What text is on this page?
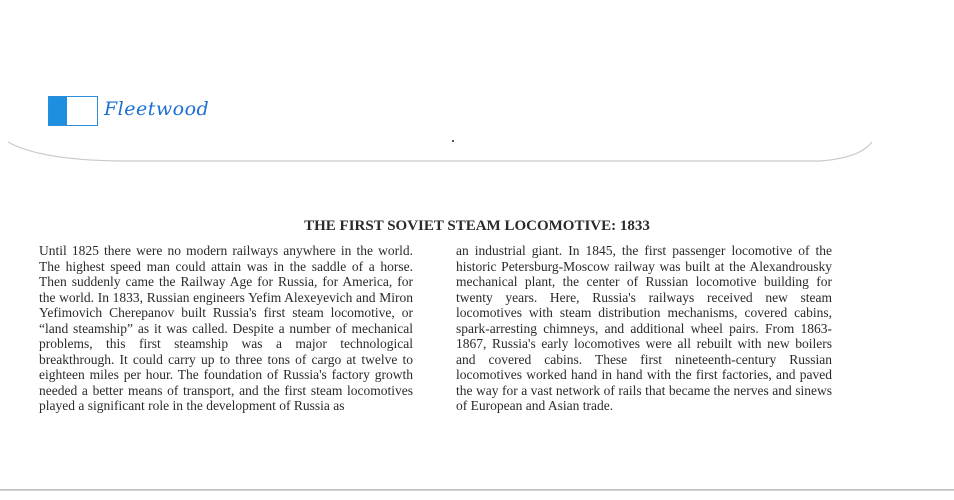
Fleetwood
THE FIRST SOVIET STEAM LOCOMOTIVE: 1833
Until 1825 there were no modern railways anywhere in the world. The highest speed man could attain was in the saddle of a horse. Then suddenly came the Railway Age for Russia, for America, for the world. In 1833, Russian engineers Yefim Alexeyevich and Miron Yefimovich Cherepanov built Russia's first steam locomotive, or “land steamship” as it was called. Despite a number of mechanical problems, this first steamship was a major technological breakthrough. It could carry up to three tons of cargo at twelve to eighteen miles per hour. The foundation of Russia's factory growth needed a better means of transport, and the first steam locomotives played a significant role in the development of Russia as
an industrial giant. In 1845, the first passenger locomotive of the historic Petersburg-Moscow railway was built at the Alexandrousky mechanical plant, the center of Russian locomotive building for twenty years. Here, Russia's railways received new steam locomotives with steam distribution mechanisms, covered cabins, spark-arresting chimneys, and additional wheel pairs. From 1863-1867, Russia's early locomotives were all rebuilt with new boilers and covered cabins. These first nineteenth-century Russian locomotives worked hand in hand with the first factories, and paved the way for a vast network of rails that became the nerves and sinews of European and Asian trade.
